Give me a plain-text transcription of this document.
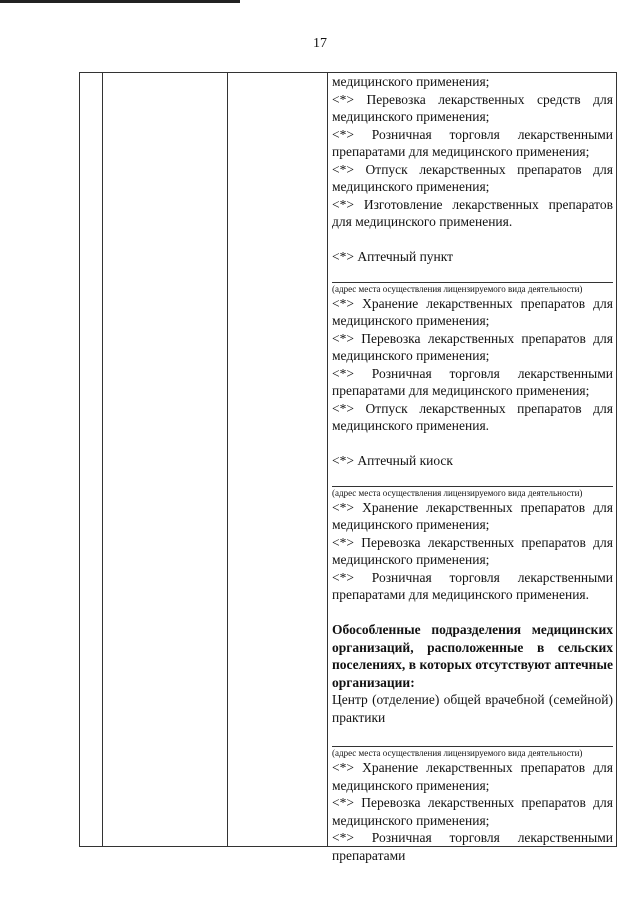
17

медицинского применения;

<*> Перевозка лекарственных средств для медицинского применения;

<*> Розничная торговля лекарственными препаратами для медицинского применения;

<*> Отпуск лекарственных препаратов для медицинского применения;

<*> Изготовление лекарственных препаратов для медицинского применения.

<*> Аптечный пункт

(адрес места осуществления лицензируемого вида деятельности)

<*> Хранение лекарственных препаратов для медицинского применения;

<*> Перевозка лекарственных препаратов для медицинского применения;

<*> Розничная торговля лекарственными препаратами для медицинского применения;

<*> Отпуск лекарственных препаратов для медицинского применения.

<*> Аптечный киоск

(адрес места осуществления лицензируемого вида деятельности)

<*> Хранение лекарственных препаратов для медицинского применения;

<*> Перевозка лекарственных препаратов для медицинского применения;

<*> Розничная торговля лекарственными препаратами для медицинского применения.

Обособленные подразделения медицинских организаций, расположенные в сельских поселениях, в которых отсутствуют аптечные организации:

Центр (отделение) общей врачебной (семейной) практики

(адрес места осуществления лицензируемого вида деятельности)

<*> Хранение лекарственных препаратов для медицинского применения;

<*> Перевозка лекарственных препаратов для медицинского применения;

<*> Розничная торговля лекарственными препаратами
